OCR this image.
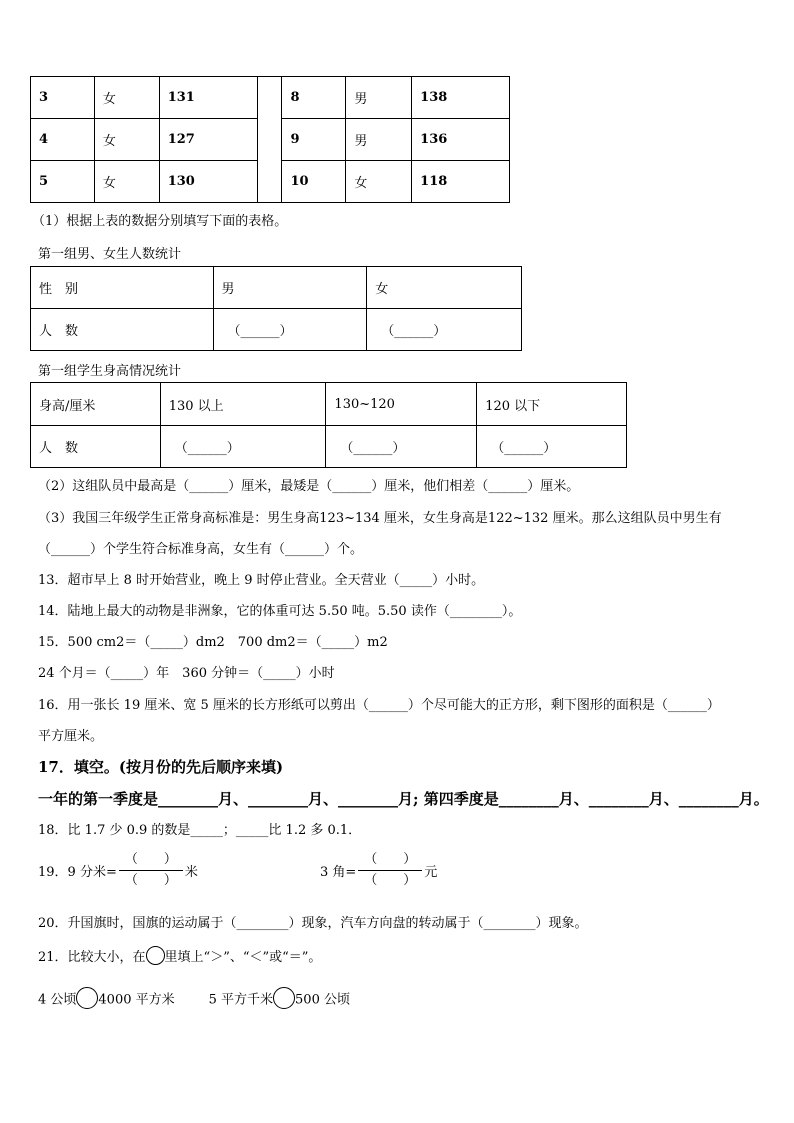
3	女	131		8	男	138
4	女	127		9	男	136
5	女	130		10	女	118
（1）根据上表的数据分别填写下面的表格。
第一组男、女生人数统计
性　别	男	女
人　数	（______）	（______）
第一组学生身高情况统计
身高/厘米	130 以上	130~120	120 以下
人　数	（______）	（______）	（______）
（2）这组队员中最高是（______）厘米，最矮是（______）厘米，他们相差（______）厘米。
（3）我国三年级学生正常身高标准是：男生身高123~134 厘米，女生身高是122~132 厘米。那么这组队员中男生有
（______）个学生符合标准身高，女生有（______）个。
13．超市早上 8 时开始营业，晚上 9 时停止营业。全天营业（_____）小时。
14．陆地上最大的动物是非洲象，它的体重可达 5.50 吨。5.50 读作（________）。
15．500 cm2＝（_____）dm2　700 dm2＝（_____）m2
24 个月＝（_____）年　360 分钟＝（_____）小时
16．用一张长 19 厘米、宽 5 厘米的长方形纸可以剪出（______）个尽可能大的正方形，剩下图形的面积是（______）
平方厘米。
17．填空。(按月份的先后顺序来填)
一年的第一季度是________月、________月、________月; 第四季度是________月、________月、________月。
18．比 1.7 少 0.9 的数是_____；_____比 1.2 多 0.1．
19．9 分米= $\frac{( )}{( )}$ 米	3 角= $\frac{( )}{( )}$ 元
20．升国旗时，国旗的运动属于（________）现象，汽车方向盘的转动属于（________）现象。
21．比较大小，在 里填上“＞”、“＜”或“＝”。
4 公顷 4000 平方米	5 平方千米 500 公顷
